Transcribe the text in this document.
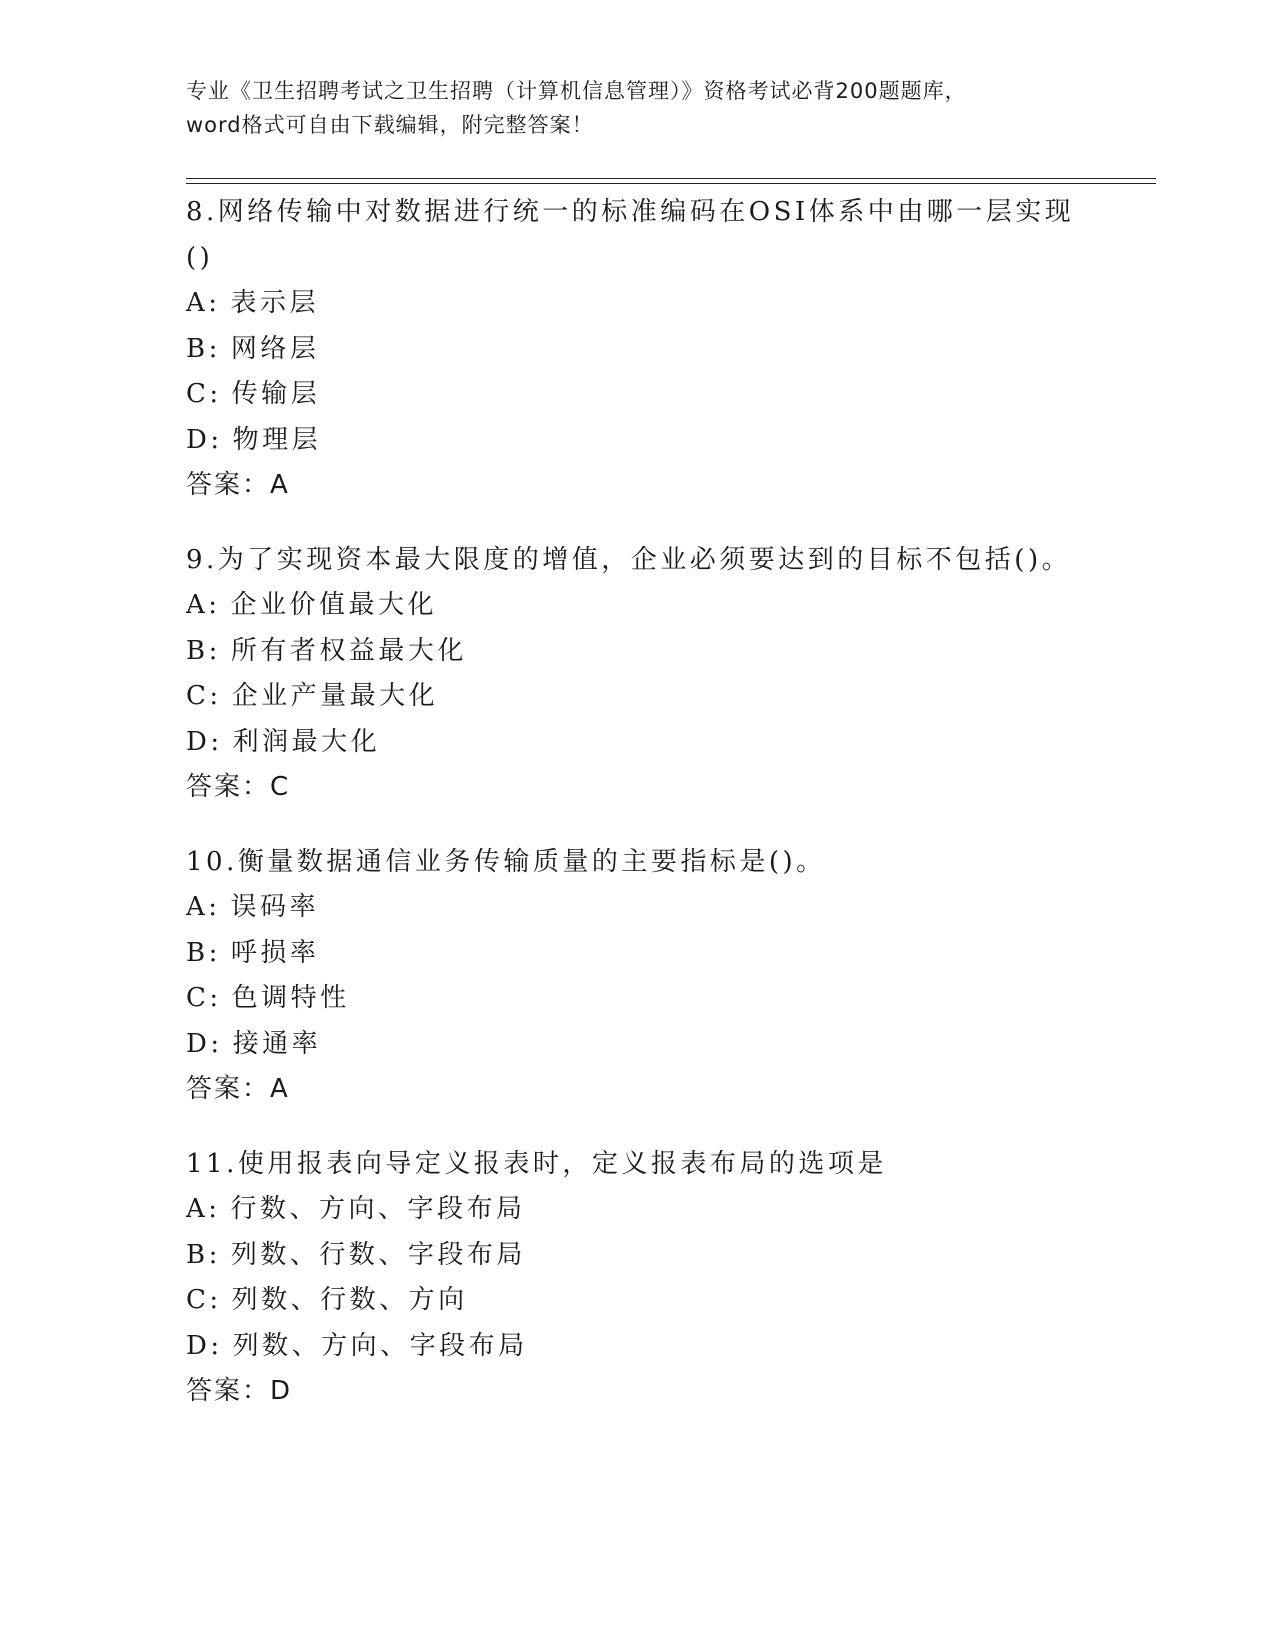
专业《卫生招聘考试之卫生招聘（计算机信息管理）》资格考试必背200题题库，
word格式可自由下载编辑，附完整答案！
8.网络传输中对数据进行统一的标准编码在OSI体系中由哪一层实现
()
A: 表示层
B: 网络层
C: 传输层
D: 物理层
答案：A
9.为了实现资本最大限度的增值，企业必须要达到的目标不包括()。
A: 企业价值最大化
B: 所有者权益最大化
C: 企业产量最大化
D: 利润最大化
答案：C
10.衡量数据通信业务传输质量的主要指标是()。
A: 误码率
B: 呼损率
C: 色调特性
D: 接通率
答案：A
11.使用报表向导定义报表时，定义报表布局的选项是
A: 行数、方向、字段布局
B: 列数、行数、字段布局
C: 列数、行数、方向
D: 列数、方向、字段布局
答案：D
